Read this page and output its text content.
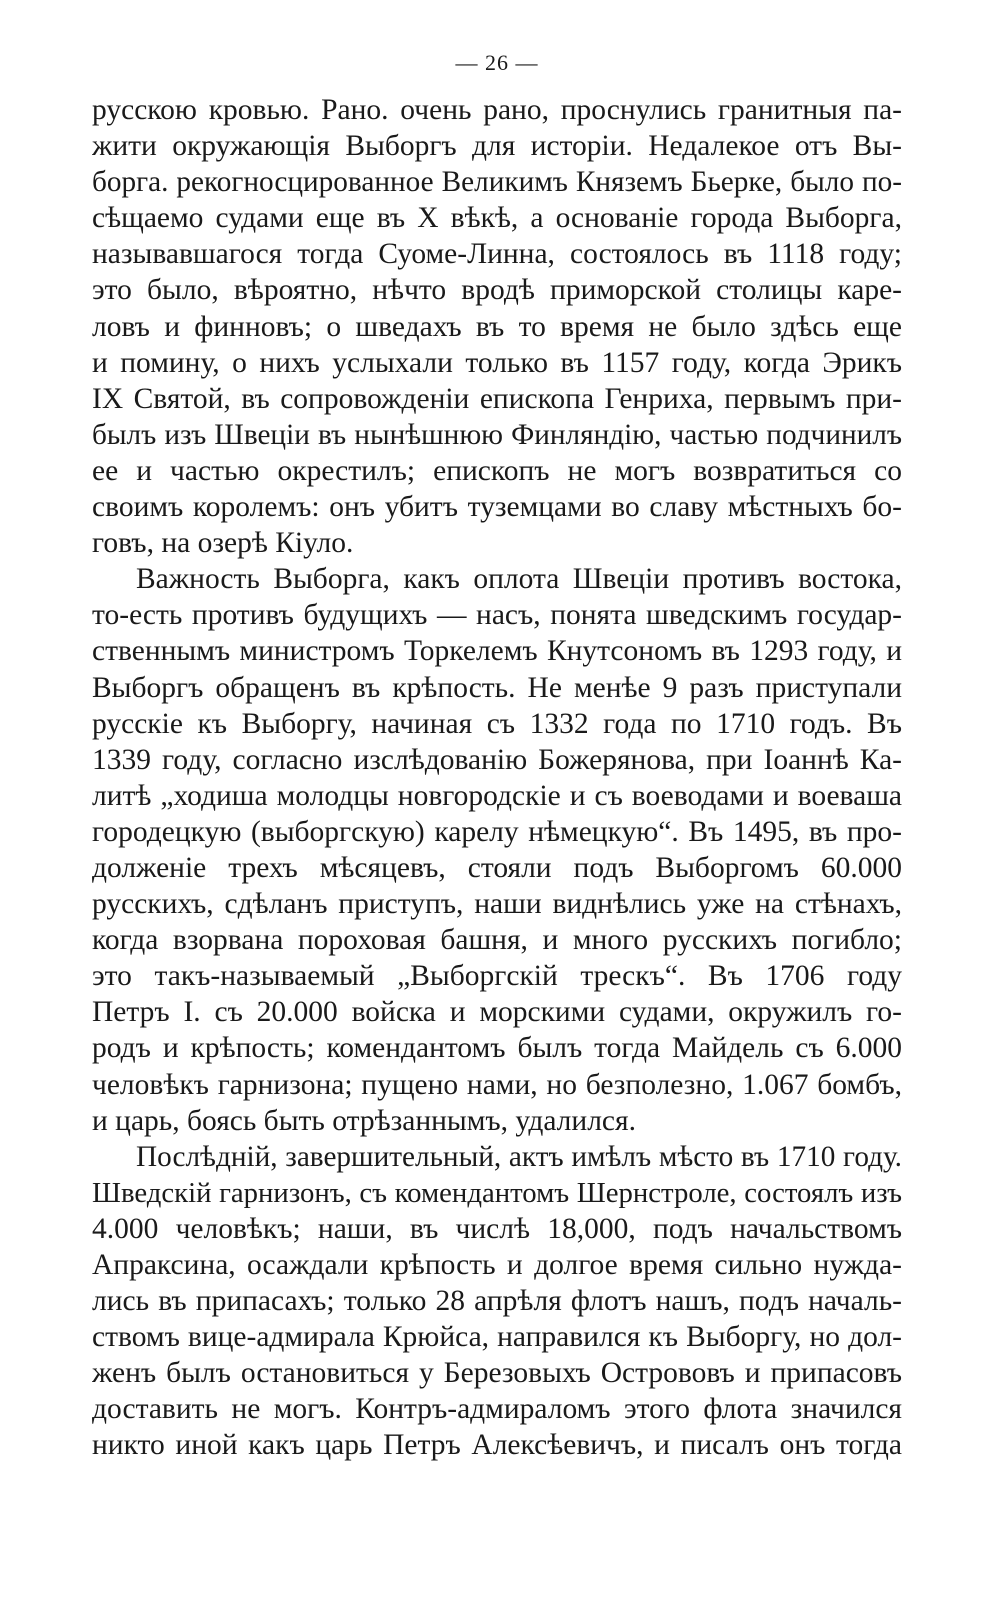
— 26 —
русскою кровью. Рано. очень рано, проснулись гранитныя па-
жити окружающія Выборгъ для исторіи. Недалекое отъ Вы-
борга. рекогносцированное Великимъ Княземъ Бьерке, было по-
сѣщаемо судами еще въ X вѣкѣ, а основаніе города Выборга,
называвшагося тогда Суоме-Линна, состоялось въ 1118 году;
это было, вѣроятно, нѣчто вродѣ приморской столицы каре-
ловъ и финновъ; о шведахъ въ то время не было здѣсь еще
и помину, о нихъ услыхали только въ 1157 году, когда Эрикъ
IX Святой, въ сопровожденіи епископа Генриха, первымъ при-
былъ изъ Швеціи въ нынѣшнюю Финляндію, частью подчинилъ
ее и частью окрестилъ; епископъ не могъ возвратиться со
своимъ королемъ: онъ убитъ туземцами во славу мѣстныхъ бо-
говъ, на озерѣ Кіуло.
Важность Выборга, какъ оплота Швеціи противъ востока,
то-есть противъ будущихъ — насъ, понята шведскимъ государ-
ственнымъ министромъ Торкелемъ Кнутсономъ въ 1293 году, и
Выборгъ обращенъ въ крѣпость. Не менѣе 9 разъ приступали
русскіе къ Выборгу, начиная съ 1332 года по 1710 годъ. Въ
1339 году, согласно изслѣдованію Божерянова, при Іоаннѣ Ка-
литѣ „ходиша молодцы новгородскіе и съ воеводами и воеваша
городецкую (выборгскую) карелу нѣмецкую“. Въ 1495, въ про-
долженіе трехъ мѣсяцевъ, стояли подъ Выборгомъ 60.000
русскихъ, сдѣланъ приступъ, наши виднѣлись уже на стѣнахъ,
когда взорвана пороховая башня, и много русскихъ погибло;
это такъ-называемый „Выборгскій трескъ“. Въ 1706 году
Петръ I. съ 20.000 войска и морскими судами, окружилъ го-
родъ и крѣпость; комендантомъ былъ тогда Майдель съ 6.000
человѣкъ гарнизона; пущено нами, но безполезно, 1.067 бомбъ,
и царь, боясь быть отрѣзаннымъ, удалился.
Послѣдній, завершительный, актъ имѣлъ мѣсто въ 1710 году.
Шведскій гарнизонъ, съ комендантомъ Шернстроле, состоялъ изъ
4.000 человѣкъ; наши, въ числѣ 18,000, подъ начальствомъ
Апраксина, осаждали крѣпость и долгое время сильно нужда-
лись въ припасахъ; только 28 апрѣля флотъ нашъ, подъ началь-
ствомъ вице-адмирала Крюйса, направился къ Выборгу, но дол-
женъ былъ остановиться у Березовыхъ Острововъ и припасовъ
доставить не могъ. Контръ-адмираломъ этого флота значился
никто иной какъ царь Петръ Алексѣевичъ, и писалъ онъ тогда
